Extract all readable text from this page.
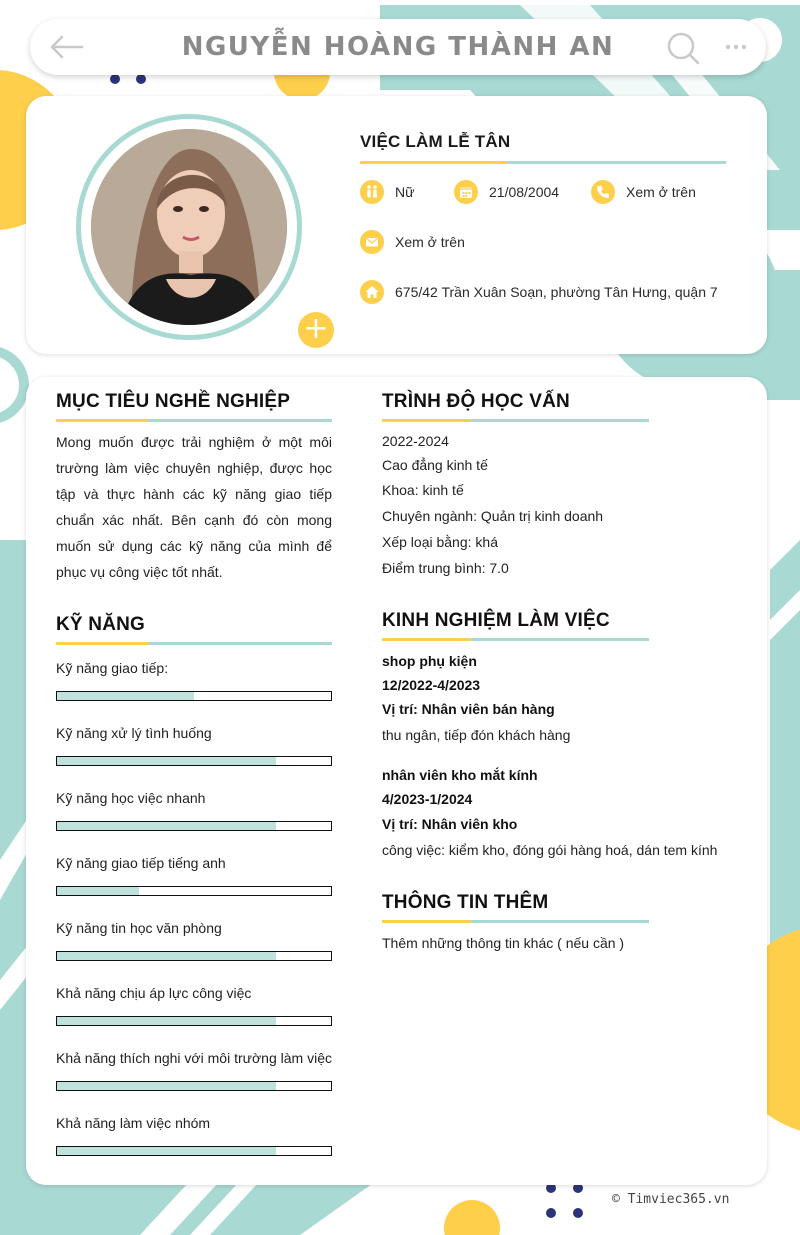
NGUYỄN HOÀNG THÀNH AN
+
VIỆC LÀM LỄ TÂN
Nữ	21/08/2004	Xem ở trên
Xem ở trên
675/42 Trần Xuân Soạn, phường Tân Hưng, quận 7
MỤC TIÊU NGHỀ NGHIỆP
Mong muốn được trải nghiệm ở một môi trường làm việc chuyên nghiệp, được học tập và thực hành các kỹ năng giao tiếp chuẩn xác nhất. Bên cạnh đó còn mong muốn sử dụng các kỹ năng của mình để phục vụ công việc tốt nhất.
KỸ NĂNG
Kỹ năng giao tiếp:
Kỹ năng xử lý tình huống
Kỹ năng học việc nhanh
Kỹ năng giao tiếp tiếng anh
Kỹ năng tin học văn phòng
Khả năng chịu áp lực công việc
Khả năng thích nghi với môi trường làm việc
Khả năng làm việc nhóm
TRÌNH ĐỘ HỌC VẤN
2022-2024
Cao đẳng kinh tế
Khoa: kinh tế
Chuyên ngành: Quản trị kinh doanh
Xếp loại bằng: khá
Điểm trung bình: 7.0
KINH NGHIỆM LÀM VIỆC
shop phụ kiện
12/2022-4/2023
Vị trí: Nhân viên bán hàng
thu ngân, tiếp đón khách hàng
nhân viên kho mắt kính
4/2023-1/2024
Vị trí: Nhân viên kho
công việc: kiểm kho, đóng gói hàng hoá, dán tem kính
THÔNG TIN THÊM
Thêm những thông tin khác ( nếu cần )
© Timviec365.vn
